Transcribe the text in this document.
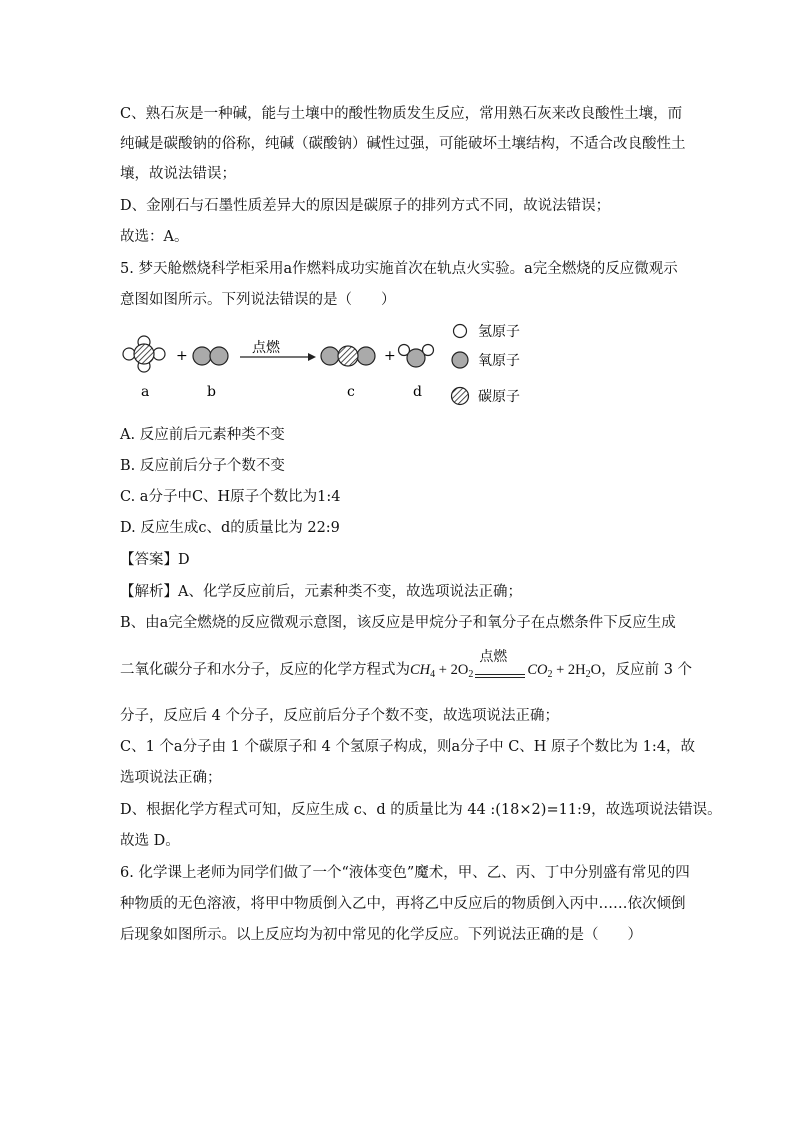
C、熟石灰是一种碱，能与土壤中的酸性物质发生反应，常用熟石灰来改良酸性土壤，而
纯碱是碳酸钠的俗称，纯碱（碳酸钠）碱性过强，可能破坏土壤结构，不适合改良酸性土
壤，故说法错误；
D、金刚石与石墨性质差异大的原因是碳原子的排列方式不同，故说法错误；
故选：A。
5. 梦天舱燃烧科学柜采用a作燃料成功实施首次在轨点火实验。a完全燃烧的反应微观示
意图如图所示。下列说法错误的是（　　）
a
+
b
点燃
c
+
d
氢原子
氧原子
碳原子
A. 反应前后元素种类不变
B. 反应前后分子个数不变
C. a分子中C、H原子个数比为1:4
D. 反应生成c、d的质量比为 22:9
【答案】D
【解析】A、化学反应前后，元素种类不变，故选项说法正确；
B、由a完全燃烧的反应微观示意图，该反应是甲烷分子和氧分子在点燃条件下反应生成
二氧化碳分子和水分子，反应的化学方程式为$CH_4 + 2O_2$
点燃
$CO_2 + 2H_2O$，反应前 3 个
分子，反应后 4 个分子，反应前后分子个数不变，故选项说法正确；
C、1 个a分子由 1 个碳原子和 4 个氢原子构成，则a分子中 C、H 原子个数比为 1:4，故
选项说法正确；
D、根据化学方程式可知，反应生成 c、d 的质量比为 44 :(18×2)=11:9，故选项说法错误。
故选 D。
6. 化学课上老师为同学们做了一个“液体变色”魔术，甲、乙、丙、丁中分别盛有常见的四
种物质的无色溶液，将甲中物质倒入乙中，再将乙中反应后的物质倒入丙中……依次倾倒
后现象如图所示。以上反应均为初中常见的化学反应。下列说法正确的是（　　）
